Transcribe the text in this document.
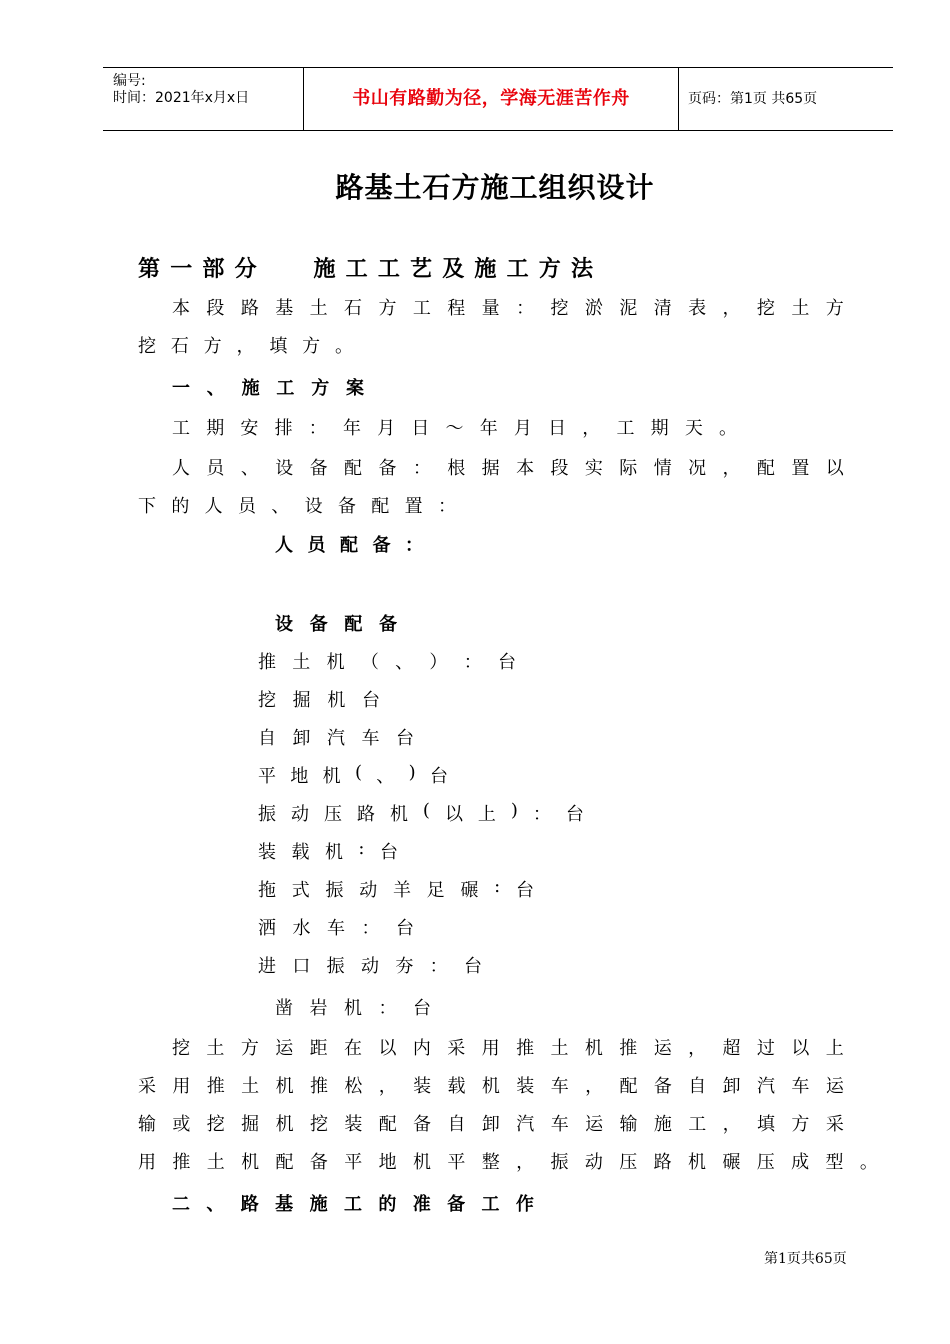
编号:
时间：2021年x月x日	书山有路勤为径，学海无涯苦作舟	页码：第1页 共65页
路基土石方施工组织设计
第 一 部 分	施 工 工 艺 及 施 工 方 法
本 段 路 基 土 石 方 工 程 量 ： 挖 淤 泥 清 表 ， 挖 土 方
挖 石 方 ， 填 方 。
一 、 施 工 方 案
工 期 安 排 ： 年 月 日 ～ 年 月 日 ， 工 期 天 。
人 员 、 设 备 配 备 ： 根 据 本 段 实 际 情 况 ， 配 置 以
下 的 人 员 、 设 备 配 置 ：
人 员 配 备 ：
设 备 配 备
推 土 机 （ 、 ） ： 台
挖 掘 机 台
自 卸 汽 车 台
平 地 机 ( 、 ) 台
振 动 压 路 机 ( 以 上 ) ： 台
装 载 机 : 台
拖 式 振 动 羊 足 碾 : 台
洒 水 车 ： 台
进 口 振 动 夯 ： 台
凿 岩 机 ： 台
挖 土 方 运 距 在 以 内 采 用 推 土 机 推 运 ， 超 过 以 上
采 用 推 土 机 推 松 ， 装 载 机 装 车 ， 配 备 自 卸 汽 车 运
输 或 挖 掘 机 挖 装 配 备 自 卸 汽 车 运 输 施 工 ， 填 方 采
用 推 土 机 配 备 平 地 机 平 整 ， 振 动 压 路 机 碾 压 成 型 。
二 、 路 基 施 工 的 准 备 工 作
第1页共65页
